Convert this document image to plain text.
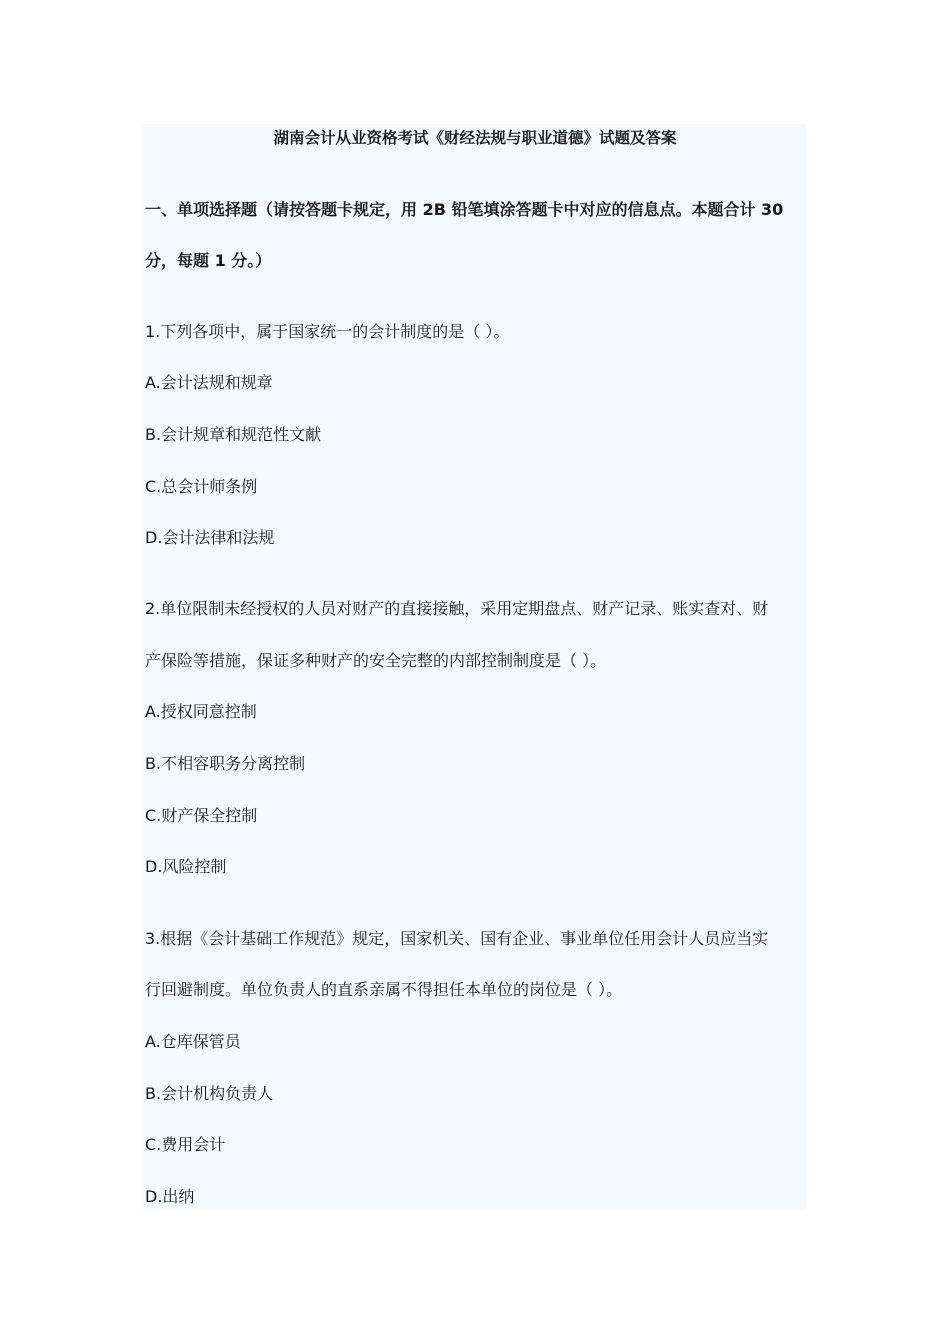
湖南会计从业资格考试《财经法规与职业道德》试题及答案
一、单项选择题（请按答题卡规定，用 2B 铅笔填涂答题卡中对应的信息点。本题合计 30
分，每题 1 分。）
1.下列各项中，属于国家统一的会计制度的是（ ）。
A.会计法规和规章
B.会计规章和规范性文献
C.总会计师条例
D.会计法律和法规
2.单位限制未经授权的人员对财产的直接接触，采用定期盘点、财产记录、账实查对、财
产保险等措施，保证多种财产的安全完整的内部控制制度是（ ）。
A.授权同意控制
B.不相容职务分离控制
C.财产保全控制
D.风险控制
3.根据《会计基础工作规范》规定，国家机关、国有企业、事业单位任用会计人员应当实
行回避制度。单位负责人的直系亲属不得担任本单位的岗位是（ ）。
A.仓库保管员
B.会计机构负责人
C.费用会计
D.出纳
